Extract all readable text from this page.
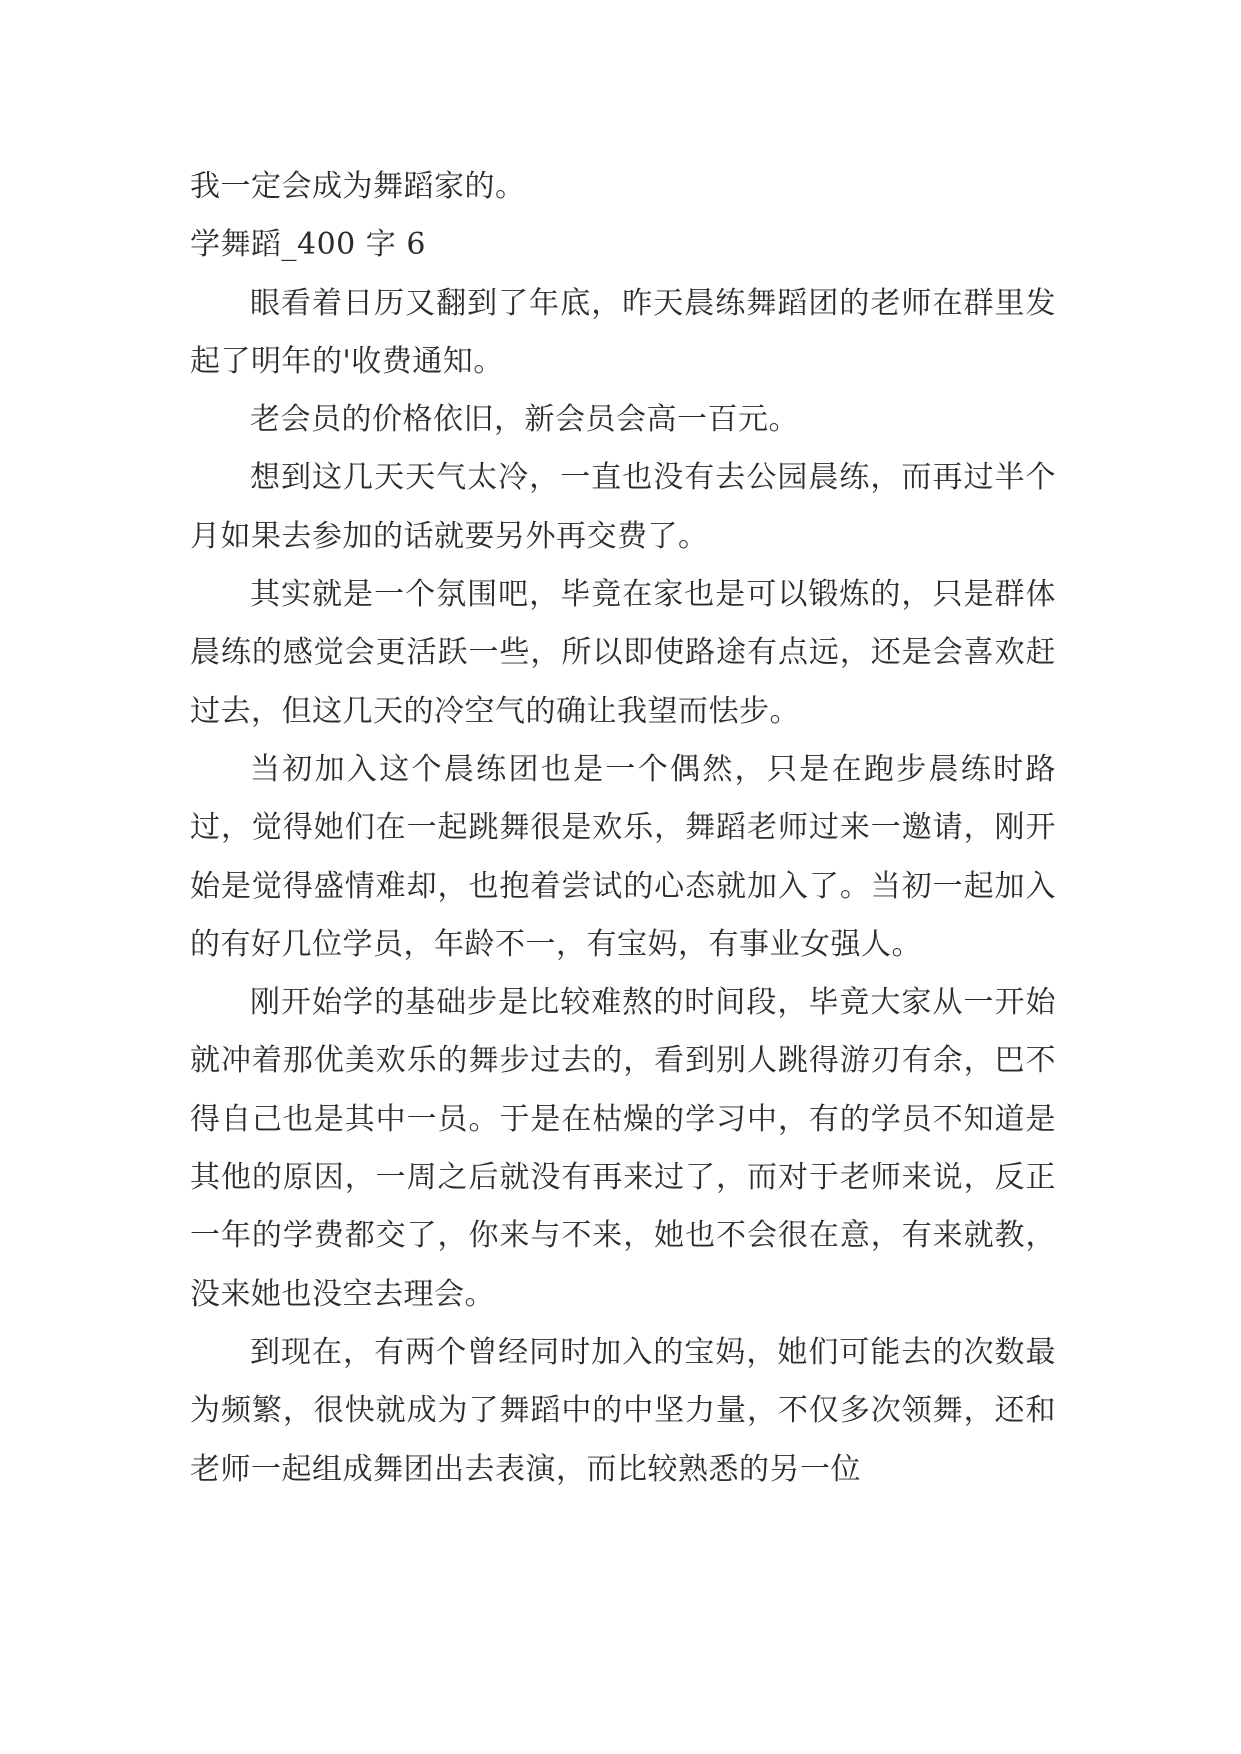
我一定会成为舞蹈家的。

学舞蹈_400 字 6

眼看着日历又翻到了年底，昨天晨练舞蹈团的老师在群里发起了明年的'收费通知。

老会员的价格依旧，新会员会高一百元。

想到这几天天气太冷，一直也没有去公园晨练，而再过半个月如果去参加的话就要另外再交费了。

其实就是一个氛围吧，毕竟在家也是可以锻炼的，只是群体晨练的感觉会更活跃一些，所以即使路途有点远，还是会喜欢赶过去，但这几天的冷空气的确让我望而怯步。

当初加入这个晨练团也是一个偶然，只是在跑步晨练时路过，觉得她们在一起跳舞很是欢乐，舞蹈老师过来一邀请，刚开始是觉得盛情难却，也抱着尝试的心态就加入了。当初一起加入的有好几位学员，年龄不一，有宝妈，有事业女强人。

刚开始学的基础步是比较难熬的时间段，毕竟大家从一开始就冲着那优美欢乐的舞步过去的，看到别人跳得游刃有余，巴不得自己也是其中一员。于是在枯燥的学习中，有的学员不知道是其他的原因，一周之后就没有再来过了，而对于老师来说，反正一年的学费都交了，你来与不来，她也不会很在意，有来就教，没来她也没空去理会。

到现在，有两个曾经同时加入的宝妈，她们可能去的次数最为频繁，很快就成为了舞蹈中的中坚力量，不仅多次领舞，还和老师一起组成舞团出去表演，而比较熟悉的另一位
